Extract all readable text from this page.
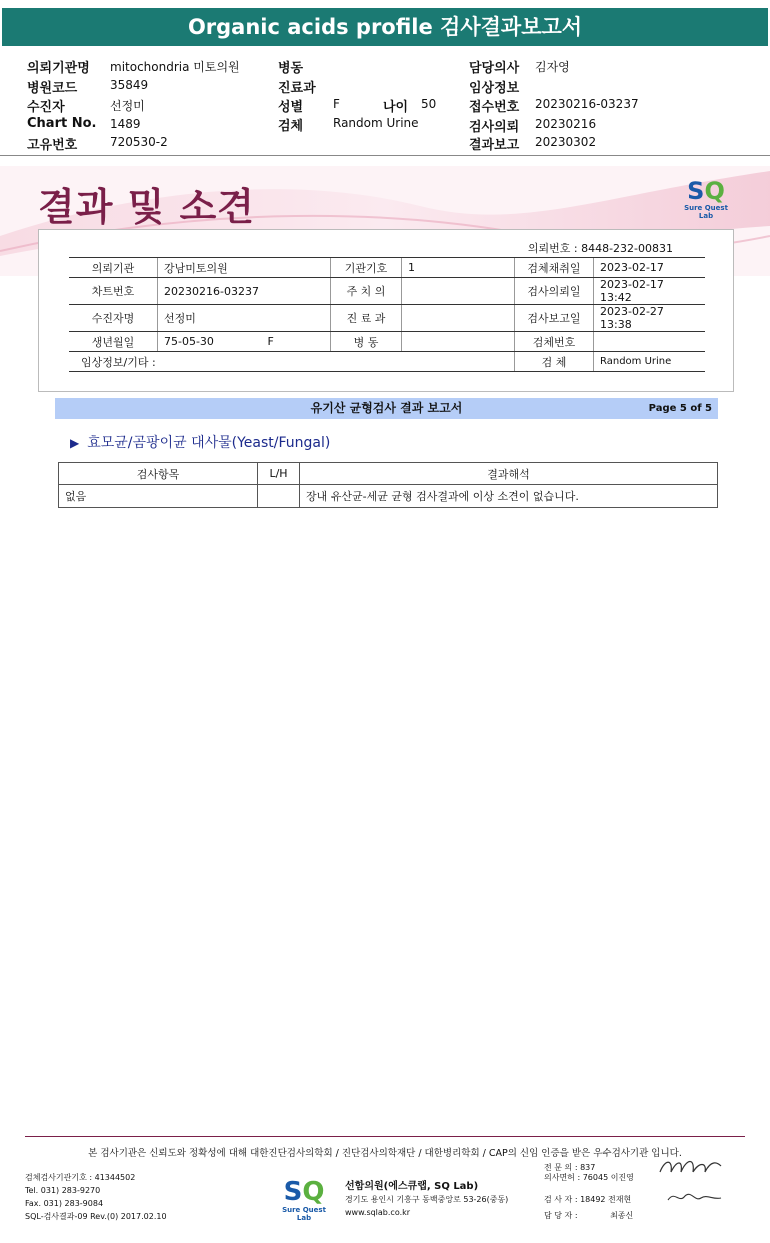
Organic acids profile 검사결과보고서
의뢰기관명 mitochondria 미토의원
병원코드	35849
수진자	선정미
Chart No. 1489
고유번호	720530-2
병동
진료과
성별 F	나이 50
검체 Random Urine
담당의사 김자영
임상정보
접수번호 20230216-03237
검사의뢰 20230216
결과보고 20230302
결과 및 소견	SQ
Sure Quest Lab
의뢰번호 : 8448-232-00831
의뢰기관	강남미토의원	기관기호	1	검체채취일	2023-02-17
차트번호	20230216-03237	주 치 의		검사의뢰일	2023-02-17 13:42
수진자명	선정미	진 료 과		검사보고일	2023-02-27 13:38
생년월일	75-05-30 F	병 동		검체번호	
임상정보/기타 :				검 체	Random Urine
유기산 균형검사 결과 보고서	Page 5 of 5
▶ 효모균/곰팡이균 대사물(Yeast/Fungal)
검사항목	L/H	결과해석
없음		장내 유산균-세균 균형 검사결과에 이상 소견이 없습니다.
본 검사기관은 신뢰도와 정확성에 대해 대한진단검사의학회 / 진단검사의학재단 / 대한병리학회 / CAP의 신임 인증을 받은 우수검사기관 입니다.
검체검사기관기호 : 41344502
Tel. 031) 283-9270
Fax. 031) 283-9084
SQL-검사결과-09 Rev.(0) 2017.02.10
SQ
Sure Quest Lab
선함의원(에스큐랩, SQ Lab)
경기도 용인시 기흥구 동백중앙로 53-26(중동)
www.sqlab.co.kr
전 문 의 : 837
의사면허 : 76045 이진영
검 사 자 : 18492 전재현
담 당 자 :	최종신
